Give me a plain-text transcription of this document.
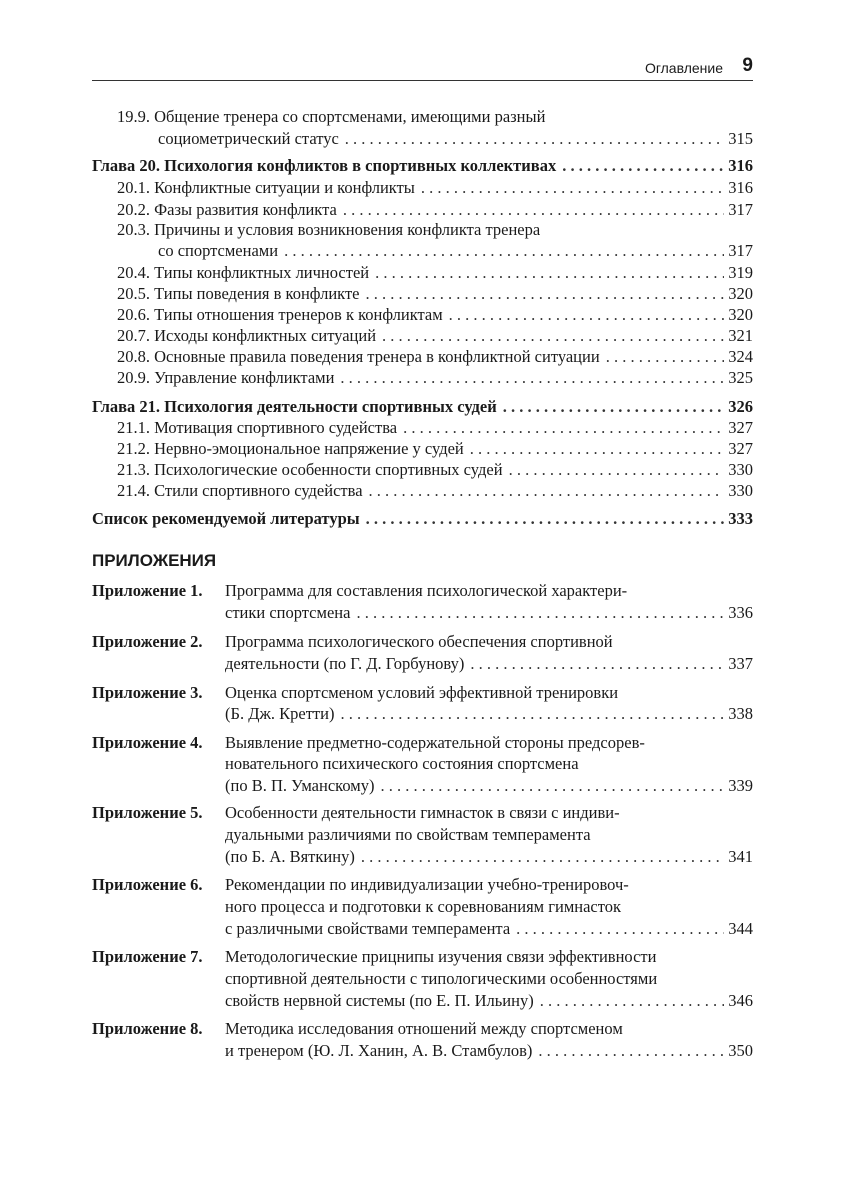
Оглавление 9
19.9. Общение тренера со спортсменами, имеющими разный
социометрический статус . . .	315
Глава 20. Психология конфликтов в спортивных коллективах . . .	316
20.1. Конфликтные ситуации и конфликты . . .	316
20.2. Фазы развития конфликта . . .	317
20.3. Причины и условия возникновения конфликта тренера
со спортсменами . . .	317
20.4. Типы конфликтных личностей . . .	319
20.5. Типы поведения в конфликте . . .	320
20.6. Типы отношения тренеров к конфликтам . . .	320
20.7. Исходы конфликтных ситуаций . . .	321
20.8. Основные правила поведения тренера в конфликтной ситуации . . .	324
20.9. Управление конфликтами . . .	325
Глава 21. Психология деятельности спортивных судей . . .	326
21.1. Мотивация спортивного судейства . . .	327
21.2. Нервно-эмоциональное напряжение у судей . . .	327
21.3. Психологические особенности спортивных судей . . .	330
21.4. Стили спортивного судейства . . .	330
Список рекомендуемой литературы . . .	333
ПРИЛОЖЕНИЯ
Приложение 1. Программа для составления психологической характери-
стики спортсмена . . .	336
Приложение 2. Программа психологического обеспечения спортивной
деятельности (по Г. Д. Горбунову) . . .	337
Приложение 3. Оценка спортсменом условий эффективной тренировки
(Б. Дж. Кретти) . . .	338
Приложение 4. Выявление предметно-содержательной стороны предсорев-
новательного психического состояния спортсмена
(по В. П. Уманскому) . . .	339
Приложение 5. Особенности деятельности гимнасток в связи с индиви-
дуальными различиями по свойствам темперамента
(по Б. А. Вяткину) . . .	341
Приложение 6. Рекомендации по индивидуализации учебно-тренировоч-
ного процесса и подготовки к соревнованиям гимнасток
с различными свойствами темперамента . . .	344
Приложение 7. Методологические прицнипы изучения связи эффективности
спортивной деятельности с типологическими особенностями
свойств нервной системы (по Е. П. Ильину) . . .	346
Приложение 8. Методика исследования отношений между спортсменом
и тренером (Ю. Л. Ханин, А. В. Стамбулов) . . .	350
